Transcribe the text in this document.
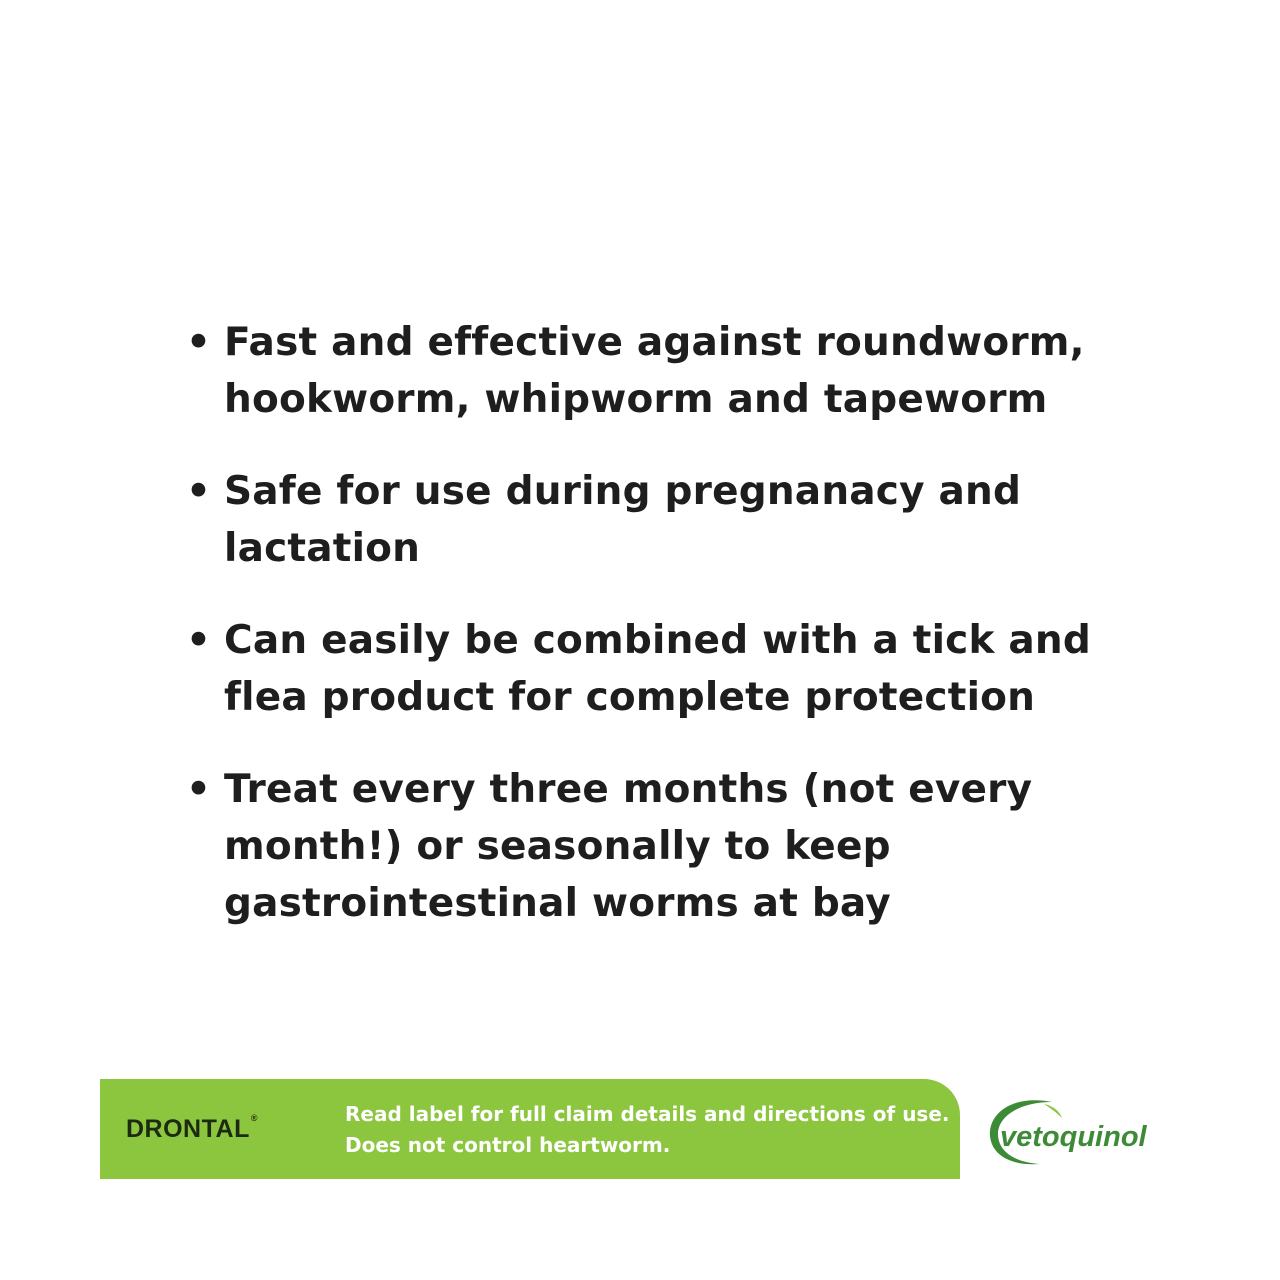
• Fast and effective against roundworm, hookworm, whipworm and tapeworm
• Safe for use during pregnanacy and lactation
• Can easily be combined with a tick and flea product for complete protection
• Treat every three months (not every month!) or seasonally to keep gastrointestinal worms at bay
DRONTAL®	Read label for full claim details and directions of use.
Does not control heartworm.	vetoquinol
